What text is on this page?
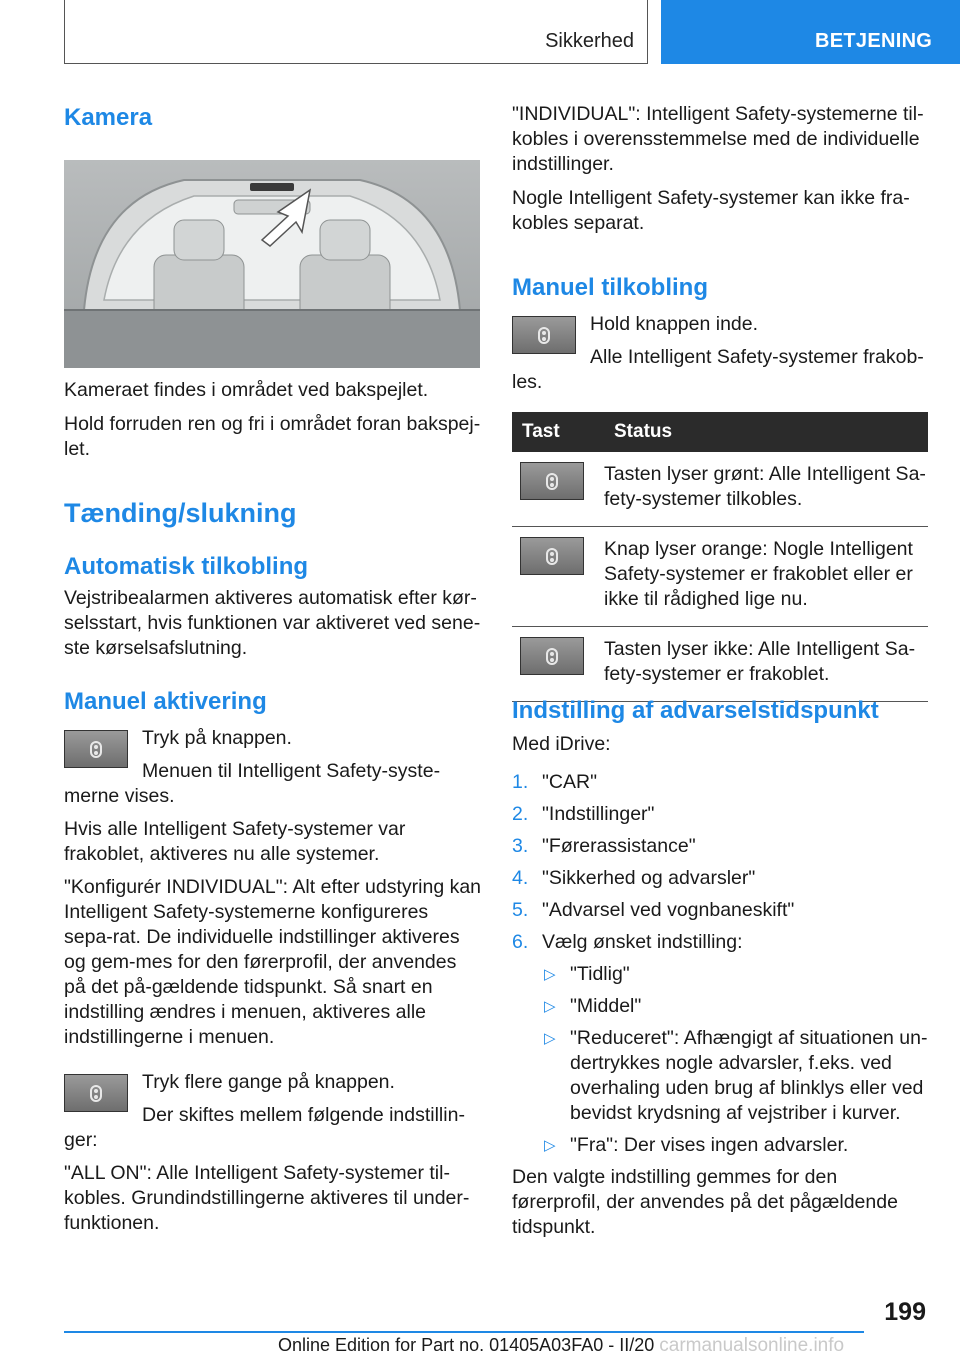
Sikkerhed	BETJENING
Kamera

Kameraet findes i området ved bakspejlet.

Hold forruden ren og fri i området foran bakspej-let.

Tænding/slukning
Automatisk tilkobling

Vejstribealarmen aktiveres automatisk efter kør-selsstart, hvis funktionen var aktiveret ved sene-ste kørselsafslutning.

Manuel aktivering

Tryk på knappen.

Menuen til Intelligent Safety-syste-merne vises.

Hvis alle Intelligent Safety-systemer var frakoblet, aktiveres nu alle systemer.

"Konfigurér INDIVIDUAL": Alt efter udstyring kan Intelligent Safety-systemerne konfigureres sepa-rat. De individuelle indstillinger aktiveres og gem-mes for den førerprofil, der anvendes på det på-gældende tidspunkt. Så snart en indstilling ændres i menuen, aktiveres alle indstillingerne i menuen.

Tryk flere gange på knappen.

Der skiftes mellem følgende indstillin-ger:

"ALL ON": Alle Intelligent Safety-systemer til-kobles. Grundindstillingerne aktiveres til under-funktionen.

"INDIVIDUAL": Intelligent Safety-systemerne til-kobles i overensstemmelse med de individuelle indstillinger.

Nogle Intelligent Safety-systemer kan ikke fra-kobles separat.

Manuel tilkobling

Hold knappen inde.

Alle Intelligent Safety-systemer frakob-les.

Tast	Status

	Tasten lyser grønt: Alle Intelligent Sa-fety-systemer tilkobles.

	Knap lyser orange: Nogle Intelligent Safety-systemer er frakoblet eller er ikke til rådighed lige nu.

	Tasten lyser ikke: Alle Intelligent Sa-fety-systemer er frakoblet.
Indstilling af advarselstidspunkt

Med iDrive:

1. "CAR"
2. "Indstillinger"
3. "Førerassistance"
4. "Sikkerhed og advarsler"
5. "Advarsel ved vognbaneskift"
6. Vælg ønsket indstilling:
▷ "Tidlig"
▷ "Middel"
▷ "Reduceret": Afhængigt af situationen un-dertrykkes nogle advarsler, f.eks. ved overhaling uden brug af blinklys eller ved bevidst krydsning af vejstriber i kurver.
▷ "Fra": Der vises ingen advarsler.

Den valgte indstilling gemmes for den førerprofil, der anvendes på det pågældende tidspunkt.

199
Online Edition for Part no. 01405A03FA0 - II/20 carmanualsonline.info
